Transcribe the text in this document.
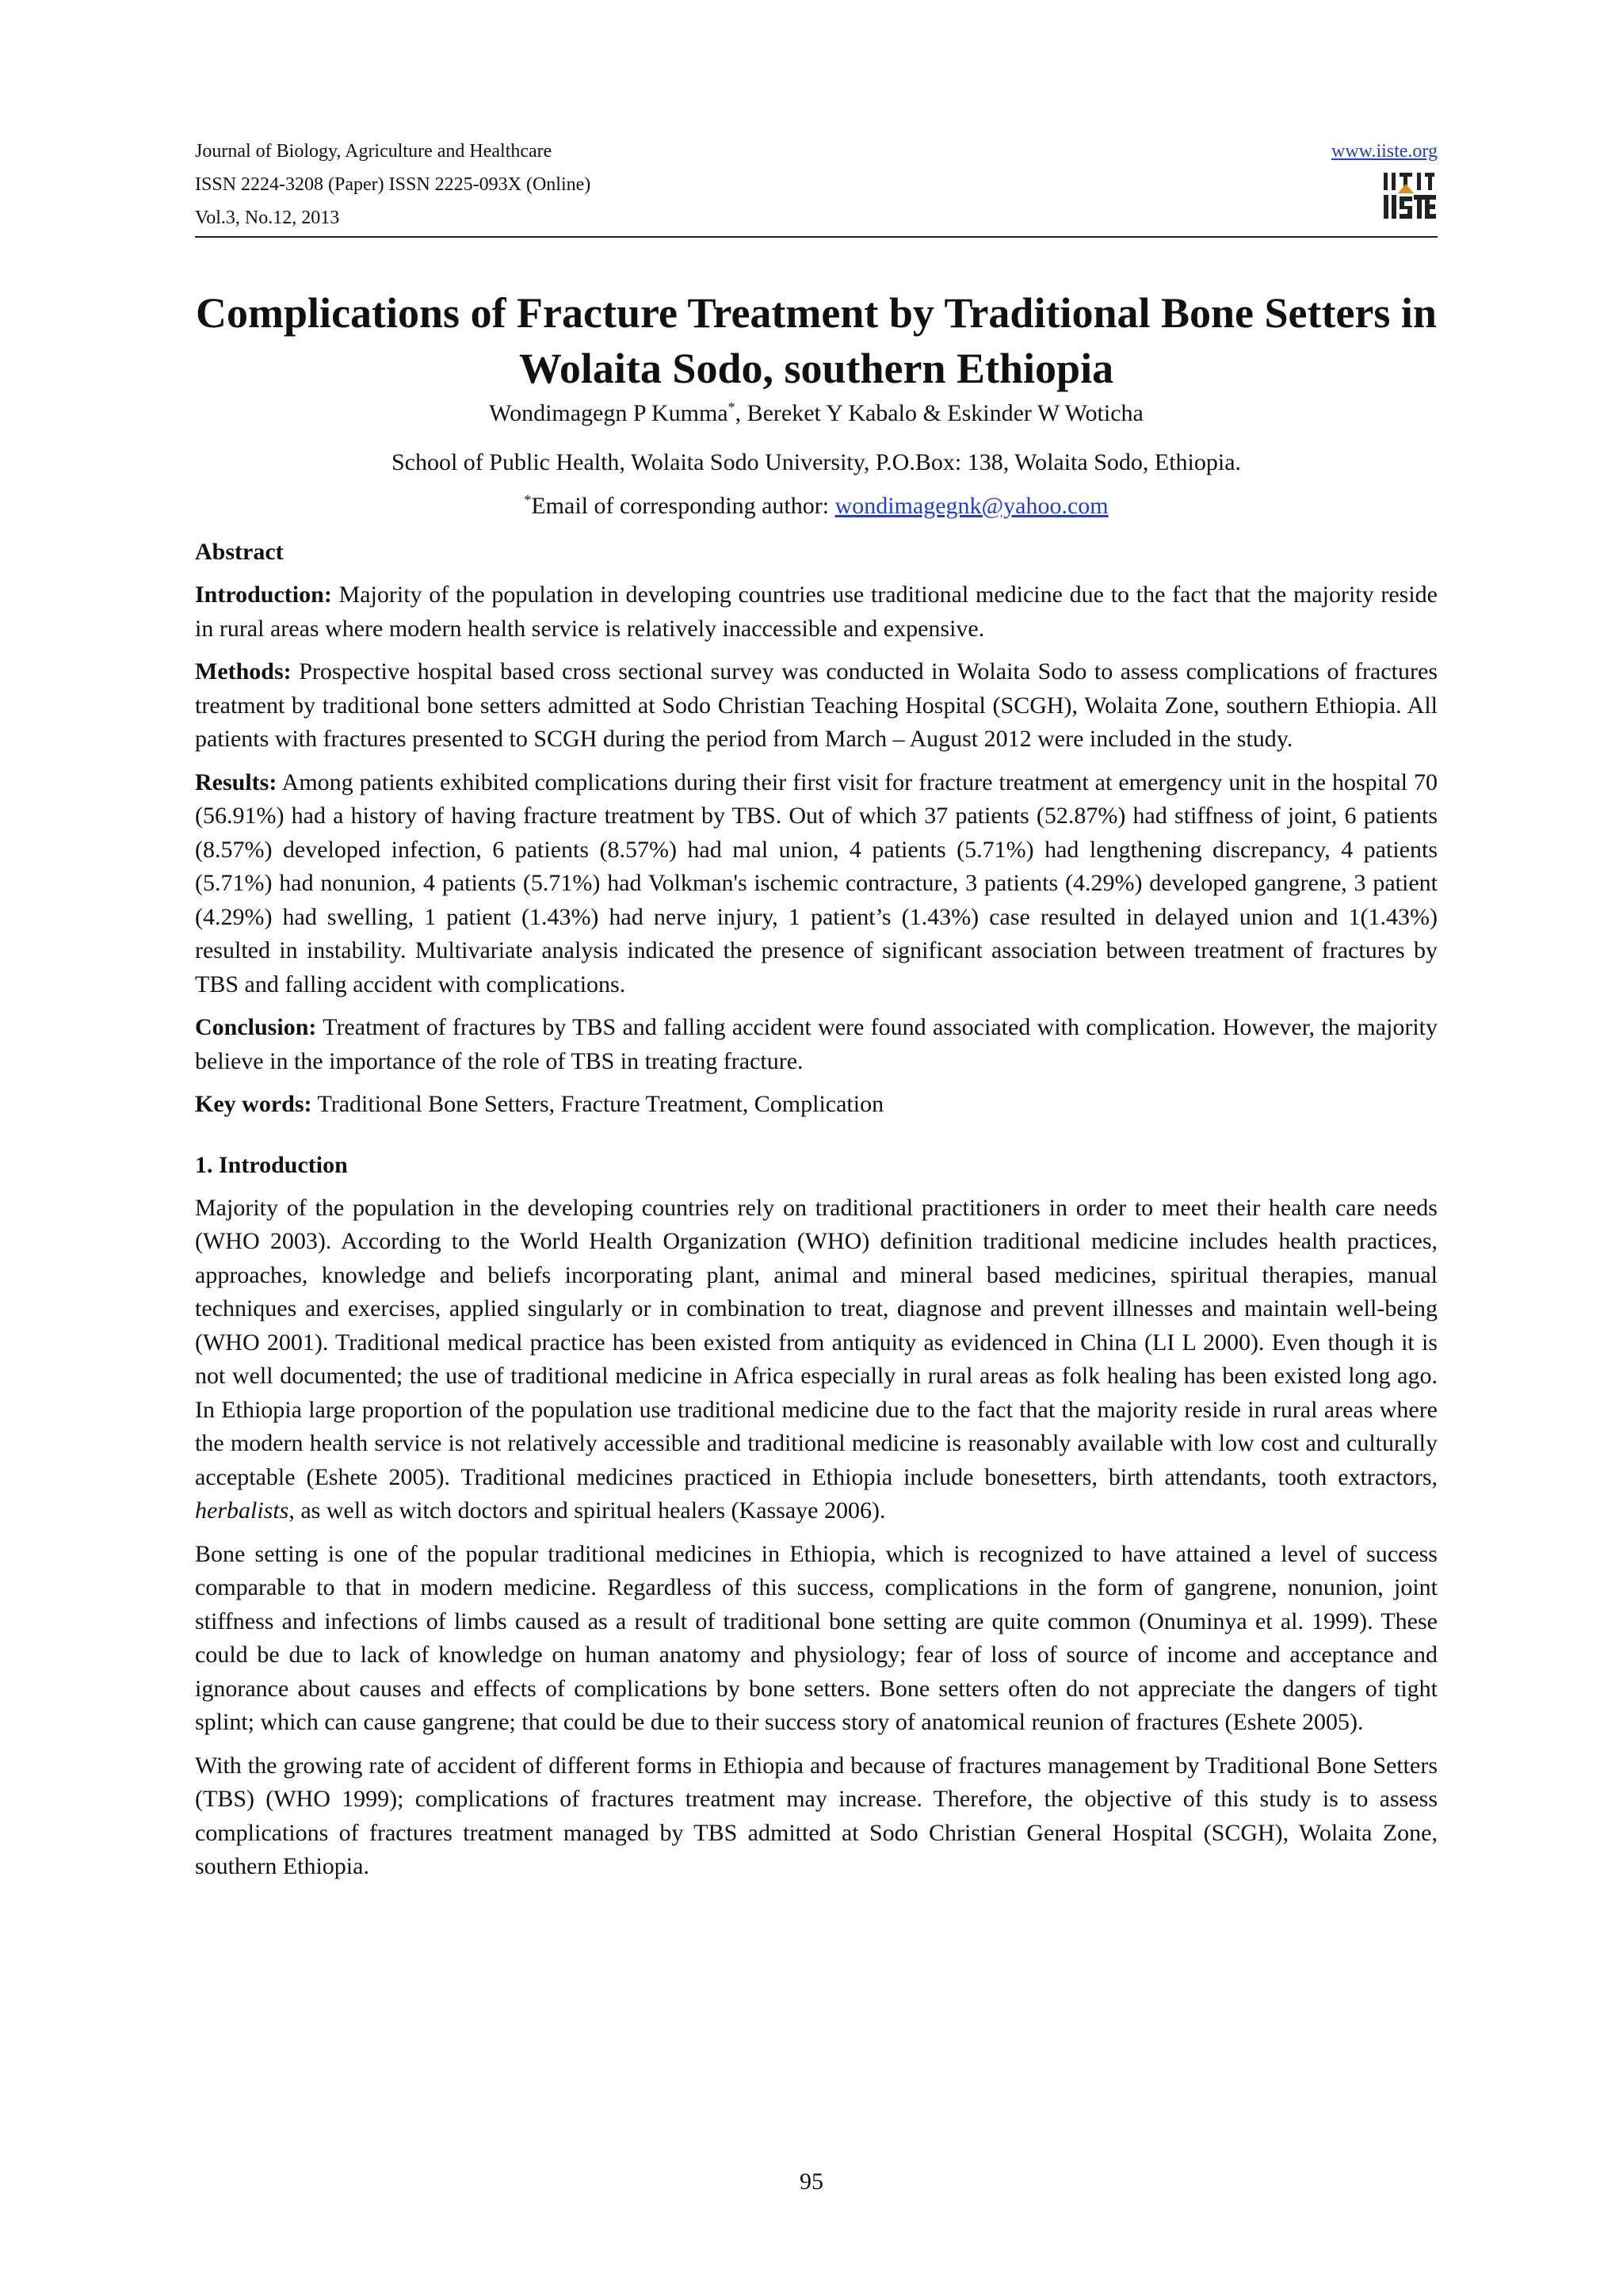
Journal of Biology, Agriculture and Healthcare
ISSN 2224-3208 (Paper) ISSN 2225-093X (Online)
Vol.3, No.12, 2013
www.iiste.org
Complications of Fracture Treatment by Traditional Bone Setters in Wolaita Sodo, southern Ethiopia
Wondimagegn P Kumma*, Bereket Y Kabalo & Eskinder W Woticha
School of Public Health, Wolaita Sodo University, P.O.Box: 138, Wolaita Sodo, Ethiopia.
*Email of corresponding author: wondimagegnk@yahoo.com

Abstract

Introduction: Majority of the population in developing countries use traditional medicine due to the fact that the majority reside in rural areas where modern health service is relatively inaccessible and expensive.

Methods: Prospective hospital based cross sectional survey was conducted in Wolaita Sodo to assess complications of fractures treatment by traditional bone setters admitted at Sodo Christian Teaching Hospital (SCGH), Wolaita Zone, southern Ethiopia. All patients with fractures presented to SCGH during the period from March – August 2012 were included in the study.

Results: Among patients exhibited complications during their first visit for fracture treatment at emergency unit in the hospital 70 (56.91%) had a history of having fracture treatment by TBS. Out of which 37 patients (52.87%) had stiffness of joint, 6 patients (8.57%) developed infection, 6 patients (8.57%) had mal union, 4 patients (5.71%) had lengthening discrepancy, 4 patients (5.71%) had nonunion, 4 patients (5.71%) had Volkman's ischemic contracture, 3 patients (4.29%) developed gangrene, 3 patient (4.29%) had swelling, 1 patient (1.43%) had nerve injury, 1 patient’s (1.43%) case resulted in delayed union and 1(1.43%) resulted in instability. Multivariate analysis indicated the presence of significant association between treatment of fractures by TBS and falling accident with complications.

Conclusion: Treatment of fractures by TBS and falling accident were found associated with complication. However, the majority believe in the importance of the role of TBS in treating fracture.

Key words: Traditional Bone Setters, Fracture Treatment, Complication

1. Introduction

Majority of the population in the developing countries rely on traditional practitioners in order to meet their health care needs (WHO 2003). According to the World Health Organization (WHO) definition traditional medicine includes health practices, approaches, knowledge and beliefs incorporating plant, animal and mineral based medicines, spiritual therapies, manual techniques and exercises, applied singularly or in combination to treat, diagnose and prevent illnesses and maintain well-being (WHO 2001). Traditional medical practice has been existed from antiquity as evidenced in China (LI L 2000). Even though it is not well documented; the use of traditional medicine in Africa especially in rural areas as folk healing has been existed long ago. In Ethiopia large proportion of the population use traditional medicine due to the fact that the majority reside in rural areas where the modern health service is not relatively accessible and traditional medicine is reasonably available with low cost and culturally acceptable (Eshete 2005). Traditional medicines practiced in Ethiopia include bonesetters, birth attendants, tooth extractors, herbalists, as well as witch doctors and spiritual healers (Kassaye 2006).

Bone setting is one of the popular traditional medicines in Ethiopia, which is recognized to have attained a level of success comparable to that in modern medicine. Regardless of this success, complications in the form of gangrene, nonunion, joint stiffness and infections of limbs caused as a result of traditional bone setting are quite common (Onuminya et al. 1999). These could be due to lack of knowledge on human anatomy and physiology; fear of loss of source of income and acceptance and ignorance about causes and effects of complications by bone setters. Bone setters often do not appreciate the dangers of tight splint; which can cause gangrene; that could be due to their success story of anatomical reunion of fractures (Eshete 2005).

With the growing rate of accident of different forms in Ethiopia and because of fractures management by Traditional Bone Setters (TBS) (WHO 1999); complications of fractures treatment may increase. Therefore, the objective of this study is to assess complications of fractures treatment managed by TBS admitted at Sodo Christian General Hospital (SCGH), Wolaita Zone, southern Ethiopia.

95
